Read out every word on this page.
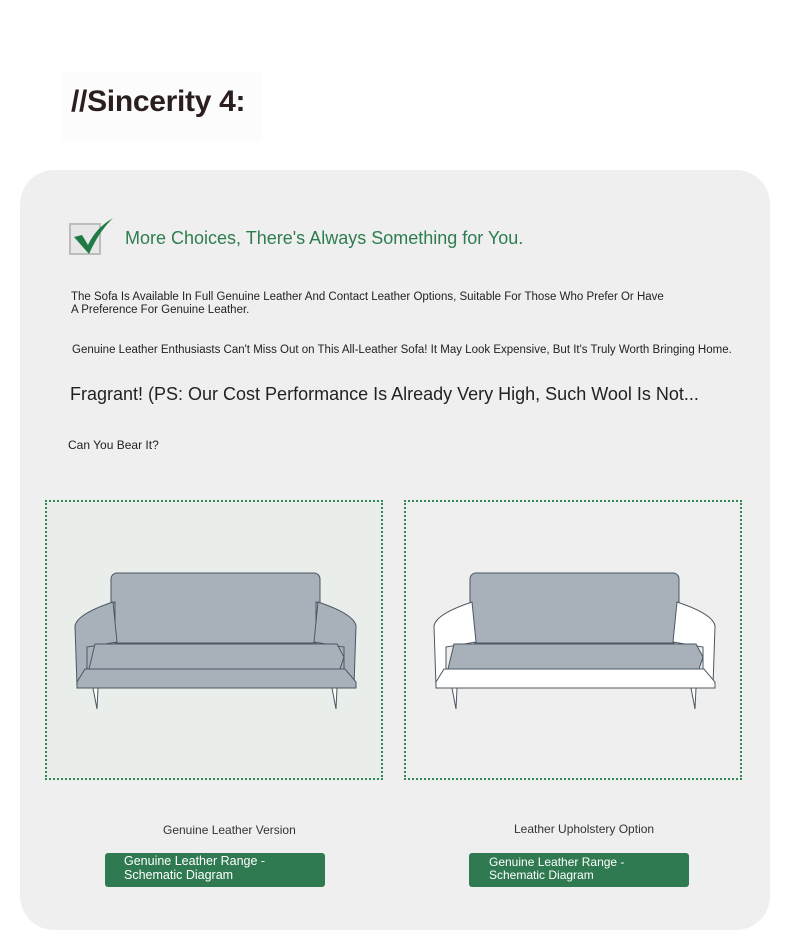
//Sincerity 4:
More Choices, There's Always Something for You.
The Sofa Is Available In Full Genuine Leather And Contact Leather Options, Suitable For Those Who Prefer Or Have A Preference For Genuine Leather.
Genuine Leather Enthusiasts Can't Miss Out on This All-Leather Sofa! It May Look Expensive, But It's Truly Worth Bringing Home.
Fragrant! (PS: Our Cost Performance Is Already Very High, Such Wool Is Not...
Can You Bear It?
Genuine Leather Version	Leather Upholstery Option
Genuine Leather Range - Schematic Diagram
Genuine Leather Range - Schematic Diagram
